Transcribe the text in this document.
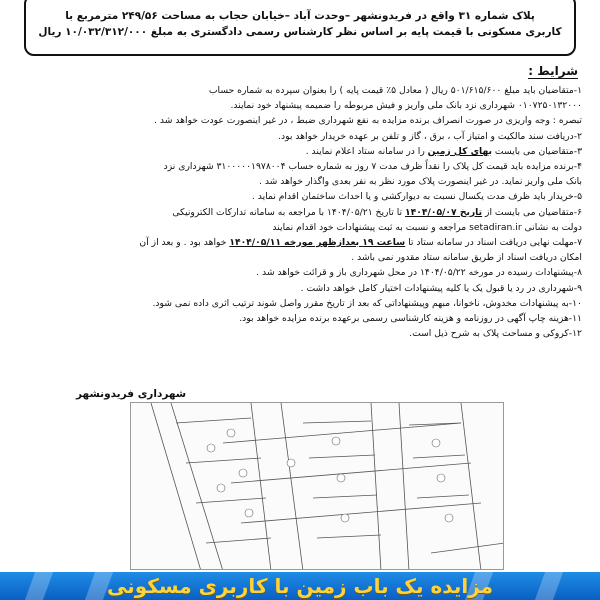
پلاک شماره ۳۱ واقع در فریدونشهر –وحدت آباد –خیابان حجاب به مساحت ۲۴۹/۵۶ مترمربع با
کاربری مسکونی با قیمت پایه بر اساس نظر کارشناس رسمی دادگستری به مبلغ ۱۰/۰۳۲/۳۱۲/۰۰۰ ریال
شرایط :
۱-متقاضیان باید مبلغ ۵۰۱/۶۱۵/۶۰۰ ریال ( معادل ۵٪ قیمت پایه ) را بعنوان سپرده به شماره حساب
۰۱۰۷۲۵۰۱۳۲۰۰۰ شهرداری نزد بانک ملی واریز و فیش مربوطه را ضمیمه پیشنهاد خود نمایند.
تبصره : وجه واریزی در صورت انصراف برنده مزایده به نفع شهرداری ضبط ، در غیر اینصورت عودت خواهد شد .
۲-دریافت سند مالکیت و امتیاز آب ، برق ، گاز و تلفن بر عهده خریدار خواهد بود.
۳-متقاضیان می بایست بهای کل زمین را در سامانه ستاد اعلام نمایند .
۴-برنده مزایده باید قیمت کل پلاک را نقداً ظرف مدت ۷ روز به شماره حساب ۳۱۰۰۰۰۰۱۹۷۸۰۰۴ شهرداری نزد
بانک ملی واریز نماید. در غیر اینصورت پلاک مورد نظر به نفر بعدی واگذار خواهد شد .
۵-خریدار باید ظرف مدت یکسال نسبت به دیوارکشی و یا احداث ساختمان اقدام نماید .
۶-متقاضیان می بایست از تاریخ ۱۴۰۴/۰۵/۰۷ تا تاریخ ۱۴۰۴/۰۵/۲۱ با مراجعه به سامانه تدارکات الکترونیکی
دولت به نشانی setadiran.ir مراجعه و نسبت به ثبت پیشنهادات خود اقدام نمایند
۷-مهلت نهایی دریافت اسناد در سامانه ستاد تا ساعت ۱۹ بعدازظهر مورخه ۱۴۰۴/۰۵/۱۱ خواهد بود . و بعد از آن
امکان دریافت اسناد از طریق سامانه ستاد مقدور نمی باشد .
۸-پیشنهادات رسیده در مورخه ۱۴۰۴/۰۵/۲۲ در محل شهرداری باز و قرائت خواهد شد .
۹-شهرداری در رد یا قبول یک یا کلیه پیشنهادات اختیار کامل خواهد داشت .
۱۰-به پیشنهادات مخدوش، ناخوانا، مبهم وپیشنهاداتی که بعد از تاریخ مقرر واصل شوند ترتیب اثری داده نمی شود.
۱۱-هزینه چاپ آگهی در روزنامه و هزینه کارشناسی رسمی برعهده برنده مزایده خواهد بود.
۱۲-کروکی و مساحت پلاک به شرح ذیل است.
شهرداری فریدونشهر
مزایده یک باب زمین با کاربری مسکونی
